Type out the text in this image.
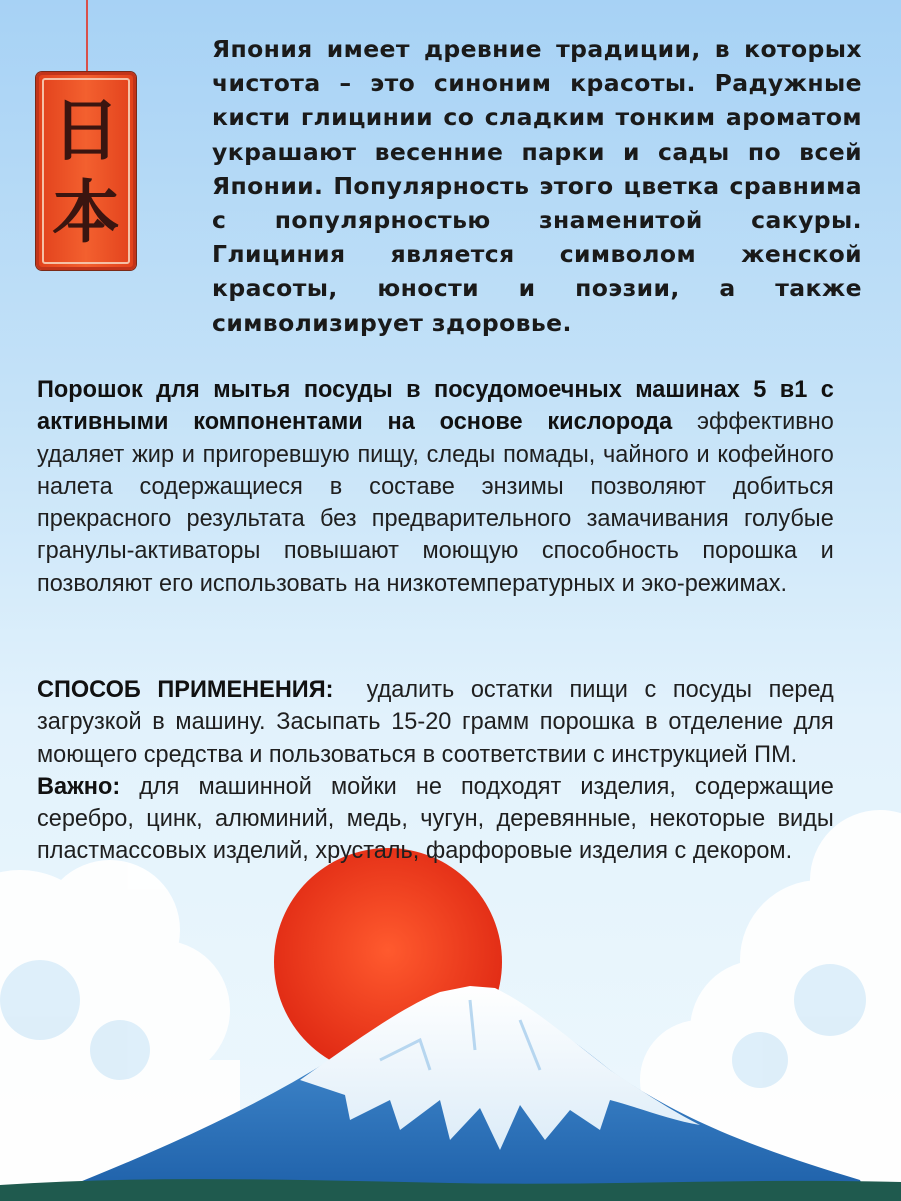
日本
Япония имеет древние традиции, в которых чистота – это синоним красоты. Радужные кисти глицинии со сладким тонким ароматом украшают весенние парки и сады по всей Японии. Популярность этого цветка сравнима с популярностью знаменитой сакуры. Глициния является символом женской красоты, юности и поэзии, а также символизирует здоровье.
Порошок для мытья посуды в посудомоечных машинах 5 в1 с активными компонентами на основе кислорода эффективно удаляет жир и пригоревшую пищу, следы помады, чайного и кофейного налета содержащиеся в составе энзимы позволяют добиться прекрасного результата без предварительного замачивания голубые гранулы-активаторы повышают моющую способность порошка и позволяют его использовать на низкотемпературных и эко-режимах.
СПОСОБ ПРИМЕНЕНИЯ:  удалить остатки пищи с посуды перед загрузкой в машину. Засыпать 15-20 грамм порошка в отделение для моющего средства и пользоваться в соответствии с инструкцией ПМ.
Важно: для машинной мойки не подходят изделия, содержащие серебро, цинк, алюминий, медь, чугун, деревянные, некоторые виды пластмассовых изделий, хрусталь, фарфоровые изделия с декором.
